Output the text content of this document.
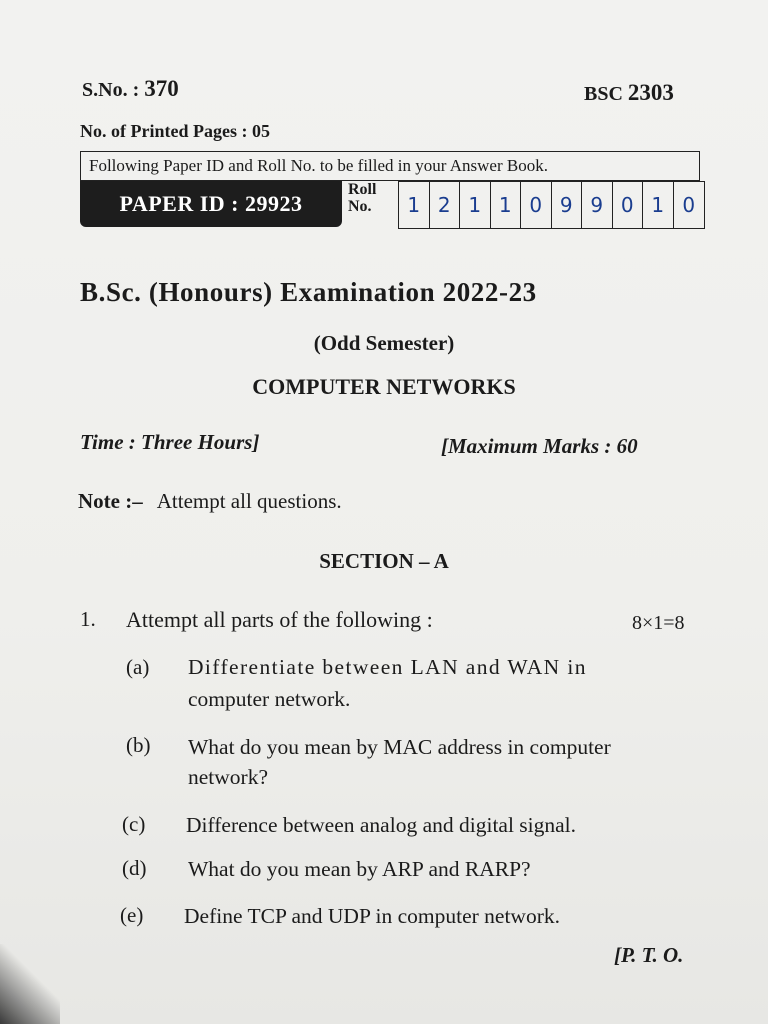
S.No. : 370	BSC 2303
No. of Printed Pages : 05
Following Paper ID and Roll No. to be filled in your Answer Book.
PAPER ID : 29923
Roll
No.	1 2 1 1 0 9 9 0 1 0
B.Sc. (Honours) Examination 2022-23
(Odd Semester)
COMPUTER NETWORKS
Time : Three Hours]	[Maximum Marks : 60
Note :– Attempt all questions.
SECTION – A
1. Attempt all parts of the following :	8×1=8
(a) Differentiate between LAN and WAN in
computer network.
(b) What do you mean by MAC address in computer
network?
(c) Difference between analog and digital signal.
(d) What do you mean by ARP and RARP?
(e) Define TCP and UDP in computer network.
[P. T. O.
